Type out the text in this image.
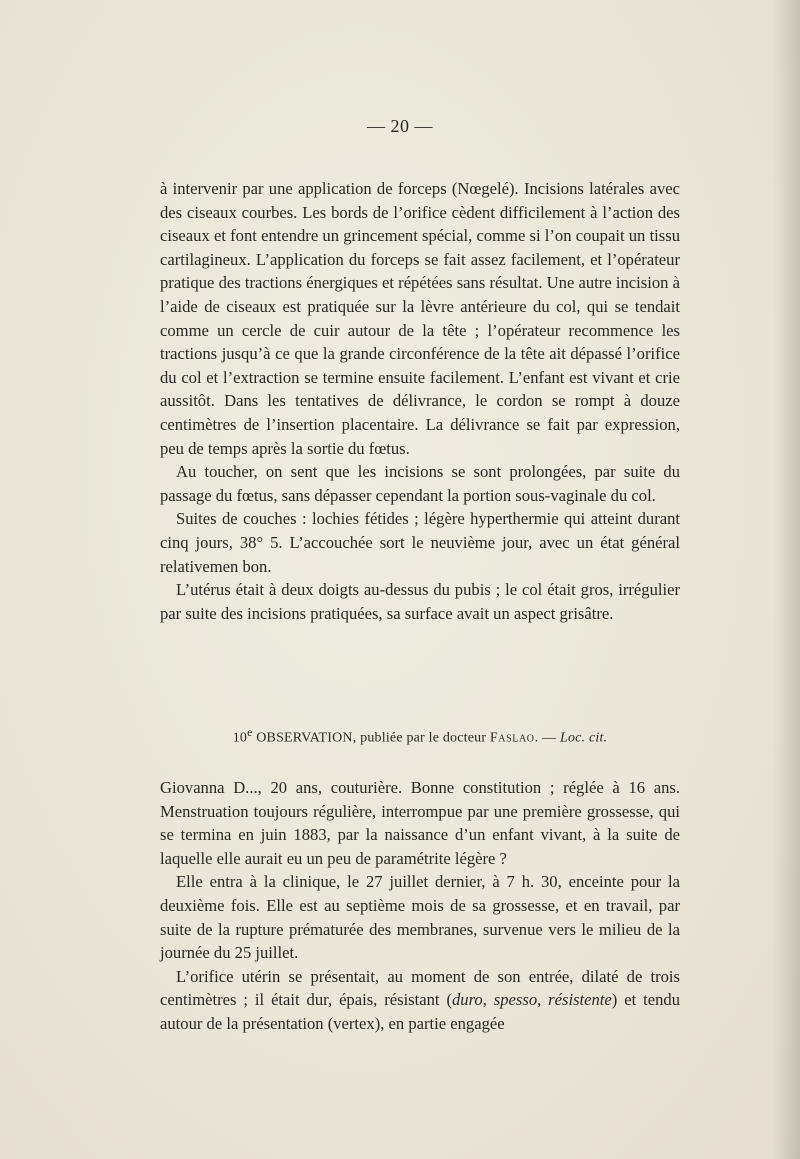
— 20 —

à intervenir par une application de forceps (Nœgelé). Incisions latérales avec des ciseaux courbes. Les bords de l’orifice cèdent difficilement à l’action des ciseaux et font entendre un grincement spécial, comme si l’on coupait un tissu cartilagineux. L’application du forceps se fait assez facilement, et l’opérateur pratique des tractions énergiques et répétées sans résultat. Une autre incision à l’aide de ciseaux est pratiquée sur la lèvre antérieure du col, qui se tendait comme un cercle de cuir autour de la tête ; l’opérateur recommence les tractions jusqu’à ce que la grande circonférence de la tête ait dépassé l’orifice du col et l’extraction se termine ensuite facilement. L’enfant est vivant et crie aussitôt. Dans les tentatives de délivrance, le cordon se rompt à douze centimètres de l’insertion placentaire. La délivrance se fait par expression, peu de temps après la sortie du fœtus.

Au toucher, on sent que les incisions se sont prolongées, par suite du passage du fœtus, sans dépasser cependant la portion sous-vaginale du col.

Suites de couches : lochies fétides ; légère hyperthermie qui atteint durant cinq jours, 38° 5. L’accouchée sort le neuvième jour, avec un état général relativemen bon.

L’utérus était à deux doigts au-dessus du pubis ; le col était gros, irrégulier par suite des incisions pratiquées, sa surface avait un aspect grisâtre.

10e OBSERVATION, publiée par le docteur Faslao. — Loc. cit.

Giovanna D..., 20 ans, couturière. Bonne constitution ; réglée à 16 ans. Menstruation toujours régulière, interrompue par une première grossesse, qui se termina en juin 1883, par la naissance d’un enfant vivant, à la suite de laquelle elle aurait eu un peu de paramétrite légère ?

Elle entra à la clinique, le 27 juillet dernier, à 7 h. 30, enceinte pour la deuxième fois. Elle est au septième mois de sa grossesse, et en travail, par suite de la rupture prématurée des membranes, survenue vers le milieu de la journée du 25 juillet.

L’orifice utérin se présentait, au moment de son entrée, dilaté de trois centimètres ; il était dur, épais, résistant (duro, spesso, résistente) et tendu autour de la présentation (vertex), en partie engagée
